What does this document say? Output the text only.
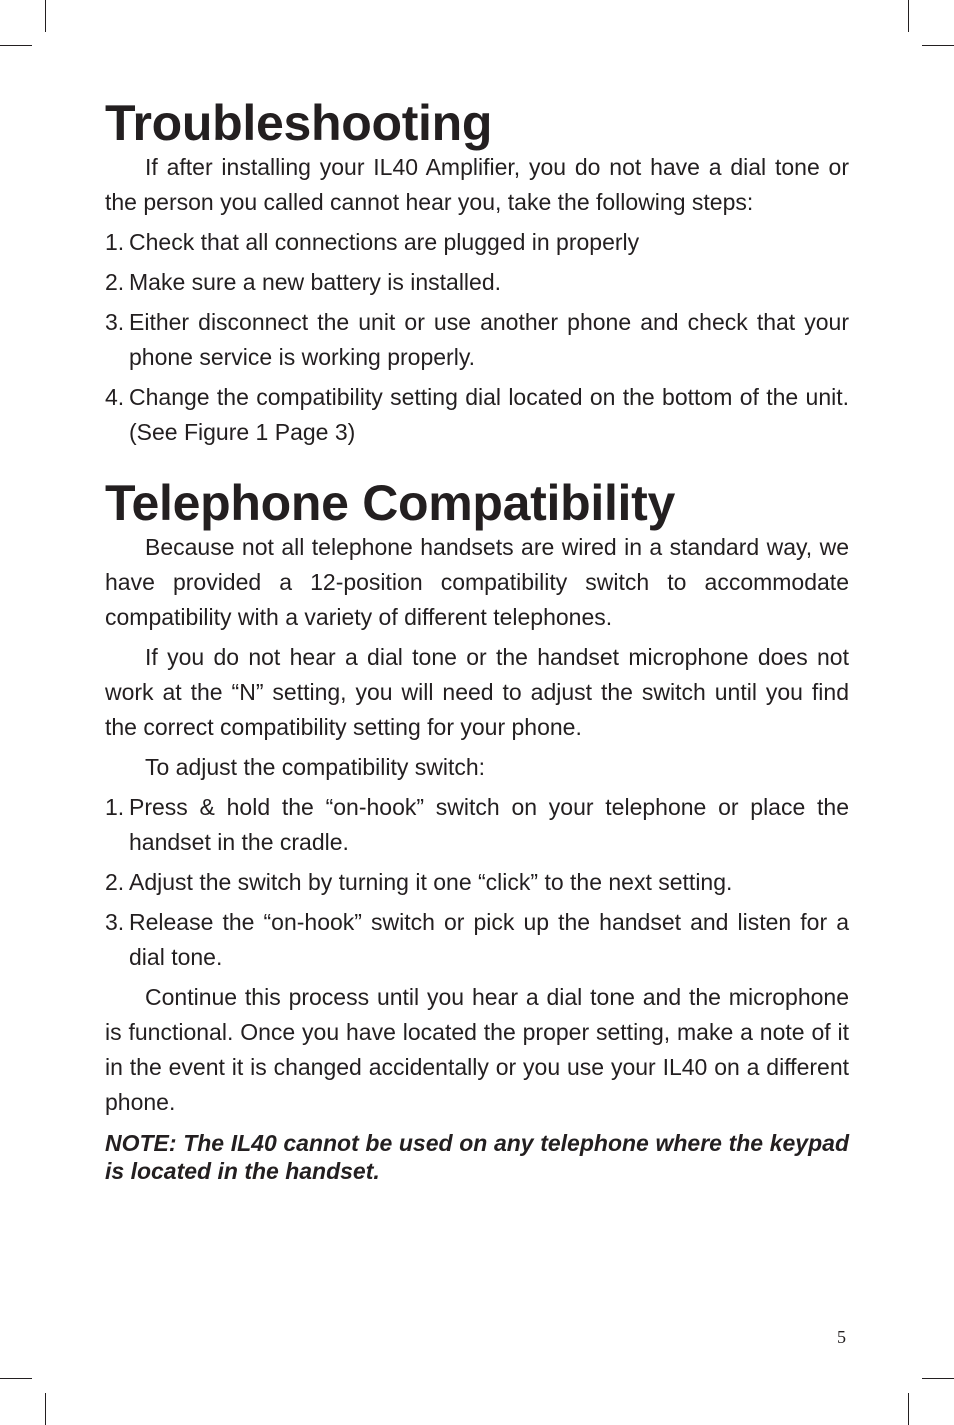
Troubleshooting

If after installing your IL40 Amplifier, you do not have a dial tone or the person you called cannot hear you, take the following steps:

1. Check that all connections are plugged in properly
2. Make sure a new battery is installed.
3. Either disconnect the unit or use another phone and check that your phone service is working properly.
4. Change the compatibility setting dial located on the bottom of the unit. (See Figure 1 Page 3)
Telephone Compatibility

Because not all telephone handsets are wired in a standard way, we have provided a 12-position compatibility switch to accommodate compatibility with a variety of different telephones.

If you do not hear a dial tone or the handset microphone does not work at the “N” setting, you will need to adjust the switch until you find the correct compatibility setting for your phone.

To adjust the compatibility switch:

1. Press & hold the “on-hook” switch on your telephone or place the handset in the cradle.
2. Adjust the switch by turning it one “click” to the next setting.
3. Release the “on-hook” switch or pick up the handset and listen for a dial tone.

Continue this process until you hear a dial tone and the microphone is functional. Once you have located the proper setting, make a note of it in the event it is changed accidentally or you use your IL40 on a different phone.

NOTE: The IL40 cannot be used on any telephone where the keypad is located in the handset.

5
